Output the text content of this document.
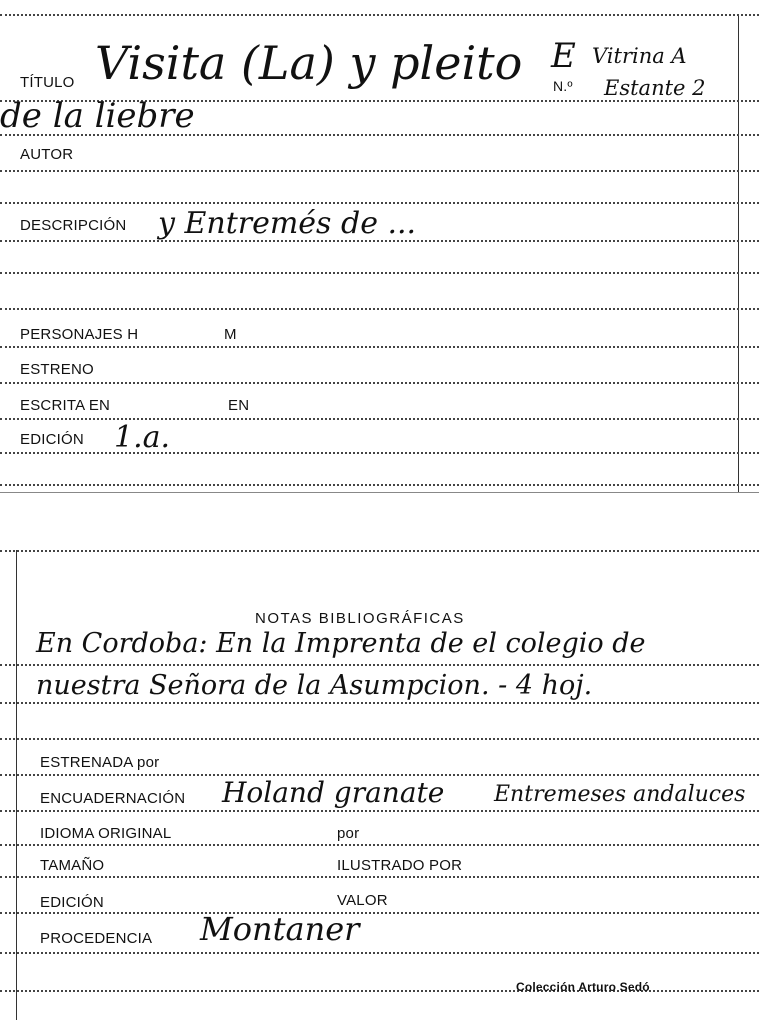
TÍTULO Visita (La) y pleito N.º
E Vitrina A
Estante 2
de la liebre
AUTOR
DESCRIPCIÓN y Entremés de ...
PERSONAJES H	M
ESTRENO
ESCRITA EN	EN
EDICIÓN 1.a.
NOTAS BIBLIOGRÁFICAS
En Cordoba: En la Imprenta de el colegio de
nuestra Señora de la Asumpcion. - 4 hoj.
ESTRENADA por
ENCUADERNACIÓN Holand granate Entremeses andaluces
IDIOMA ORIGINAL	por
TAMAÑO	ILUSTRADO POR
EDICIÓN	VALOR
PROCEDENCIA Montaner
Colección Arturo Sedó
